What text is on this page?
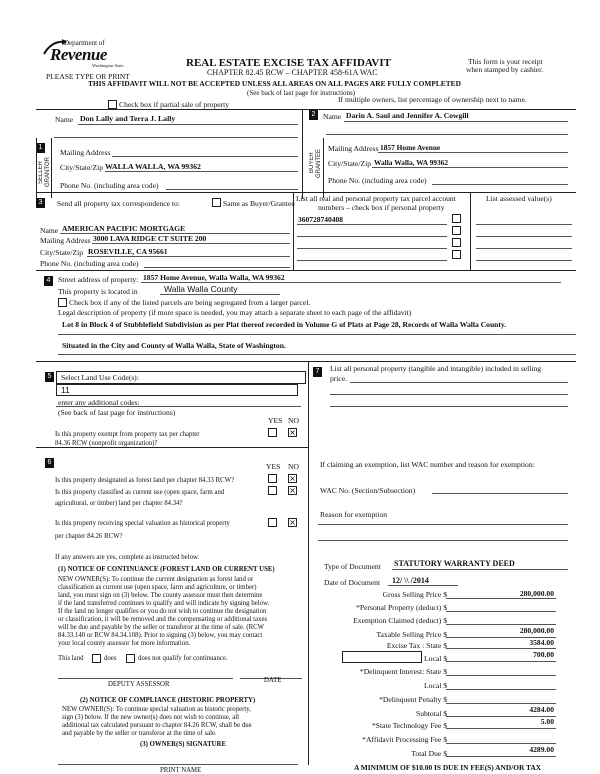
Department of
Revenue
Washington State	REAL ESTATE EXCISE TAX AFFIDAVIT	This form is your receipt
when stamped by cashier.
PLEASE TYPE OR PRINT	CHAPTER 82.45 RCW – CHAPTER 458-61A WAC
THIS AFFIDAVIT WILL NOT BE ACCEPTED UNLESS ALL AREAS ON ALL PAGES ARE FULLY COMPLETED
(See back of last page for instructions)
Check box if partial sale of property
If multiple owners, list percentage of ownership next to name.
1
SELLER GRANTOR
Name Don Lally and Terra J. Lally
Mailing Address
City/State/Zip WALLA WALLA, WA 99362
Phone No. (including area code)
2
BUYER GRANTEE
Name Darin A. Saul and Jennifer A. Cowgill
Mailing Address 1857 Home Avenue
City/State/Zip Walla Walla, WA 99362
Phone No. (including area code)
3	Send all property tax correspondence to:	Same as Buyer/Grantee
Name AMERICAN PACIFIC MORTGAGE
Mailing Address 3000 LAVA RIDGE CT SUITE 200
City/State/Zip ROSEVILLE, CA 95661
Phone No. (including area code)
List all real and personal property tax parcel account
numbers – check box if personal property
List assessed value(s)
360728740408
4 Street address of property: 1857 Home Avenue, Walla Walla, WA 99362
This property is located in	Walla Walla County
Check box if any of the listed parcels are being segregated from a larger parcel.
Legal description of property (if more space is needed, you may attach a separate sheet to each page of the affidavit)
Lot 8 in Block 4 of Stubblefield Subdivision as per Plat thereof recorded in Volume G of Plats at Page 28, Records of Walla Walla County.
Situated in the City and County of Walla Walla, State of Washington.
5	Select Land Use Code(s):
11
enter any additional codes:
(See back of last page for instructions)
YES NO
Is this property exempt from property tax per chapter
84.36 RCW (nonprofit organization)?
×
7	List all personal property (tangible and intangible) included in selling
price.
6	YES NO
Is this property designated as forest land per chapter 84.33 RCW?	×
Is this property classified as current use (open space, farm and
agricultural, or timber) land per chapter 84.34?
×
Is this property receiving special valuation as historical property
per chapter 84.26 RCW?
×
If any answers are yes, complete as instructed below.
(1) NOTICE OF CONTINUANCE (FOREST LAND OR CURRENT USE)
NEW OWNER(S): To continue the current designation as forest land or
classification as current use (open space, farm and agriculture, or timber)
land, you must sign on (3) below. The county assessor must then determine
if the land transferred continues to qualify and will indicate by signing below.
If the land no longer qualifies or you do not wish to continue the designation
or classification, it will be removed and the compensating or additional taxes
will be due and payable by the seller or transferor at the time of sale. (RCW
84.33.140 or RCW 84.34.108). Prior to signing (3) below, you may contact
your local county assessor for more information.
This land	does	does not qualify for continuance.
DEPUTY ASSESSOR
DATE
(2) NOTICE OF COMPLIANCE (HISTORIC PROPERTY)
NEW OWNER(S): To continue special valuation as historic property,
sign (3) below. If the new owner(s) does not wish to continue, all
additional tax calculated pursuant to chapter 84.26 RCW, shall be due
and payable by the seller or transferor at the time of sale.
(3) OWNER(S) SIGNATURE
PRINT NAME
If claiming an exemption, list WAC number and reason for exemption:
WAC No. (Section/Subsection)
Reason for exemption
Type of Document STATUTORY WARRANTY DEED
Date of Document 12/ \\ /2014
Gross Selling Price $	280,000.00
*Personal Property (deduct) $
Exemption Claimed (deduct) $
Taxable Selling Price $	280,000.00
Excise Tax : State $	3584.00
Local $	700.00
*Delinquent Interest: State $
Local $
*Delinquent Penalty $
Subtotal $	4284.00
*State Technology Fee $	5.00
*Affidavit Processing Fee $
Total Due $	4289.00
A MINIMUM OF $10.00 IS DUE IN FEE(S) AND/OR TAX
